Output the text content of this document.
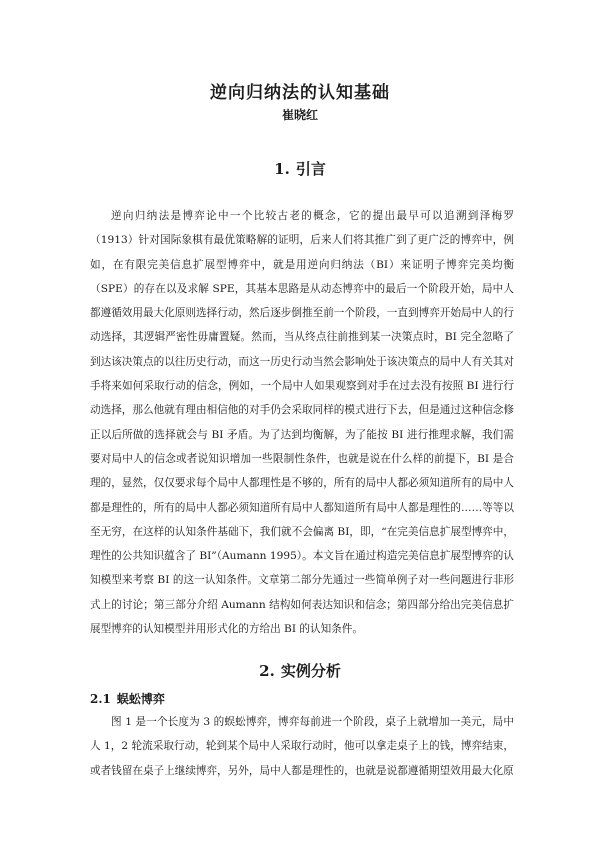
逆向归纳法的认知基础
崔晓红
1. 引言

逆向归纳法是博弈论中一个比较古老的概念，它的提出最早可以追溯到泽梅罗（1913）针对国际象棋有最优策略解的证明，后来人们将其推广到了更广泛的博弈中，例如，在有限完美信息扩展型博弈中，就是用逆向归纳法（BI）来证明子博弈完美均衡（SPE）的存在以及求解 SPE，其基本思路是从动态博弈中的最后一个阶段开始，局中人都遵循效用最大化原则选择行动，然后逐步倒推至前一个阶段，一直到博弈开始局中人的行动选择，其逻辑严密性毋庸置疑。然而，当从终点往前推到某一决策点时，BI 完全忽略了到达该决策点的以往历史行动，而这一历史行动当然会影响处于该决策点的局中人有关其对手将来如何采取行动的信念，例如，一个局中人如果观察到对手在过去没有按照 BI 进行行动选择，那么他就有理由相信他的对手仍会采取同样的模式进行下去，但是通过这种信念修正以后所做的选择就会与 BI 矛盾。为了达到均衡解，为了能按 BI 进行推理求解，我们需要对局中人的信念或者说知识增加一些限制性条件，也就是说在什么样的前提下，BI 是合理的，显然，仅仅要求每个局中人都理性是不够的，所有的局中人都必须知道所有的局中人都是理性的，所有的局中人都必须知道所有局中人都知道所有局中人都是理性的……等等以至无穷，在这样的认知条件基础下，我们就不会偏离 BI，即，“在完美信息扩展型博弈中，理性的公共知识蕴含了 BI”（Aumann 1995）。本文旨在通过构造完美信息扩展型博弈的认知模型来考察 BI 的这一认知条件。文章第二部分先通过一些简单例子对一些问题进行非形式上的讨论；第三部分介绍 Aumann 结构如何表达知识和信念；第四部分给出完美信息扩展型博弈的认知模型并用形式化的方给出 BI 的认知条件。

2. 实例分析
2.1 蜈蚣博弈

图 1 是一个长度为 3 的蜈蚣博弈，博弈每前进一个阶段，桌子上就增加一美元，局中人 1，2 轮流采取行动，轮到某个局中人采取行动时，他可以拿走桌子上的钱，博弈结束，或者钱留在桌子上继续博弈，另外，局中人都是理性的，也就是说都遵循期望效用最大化原
